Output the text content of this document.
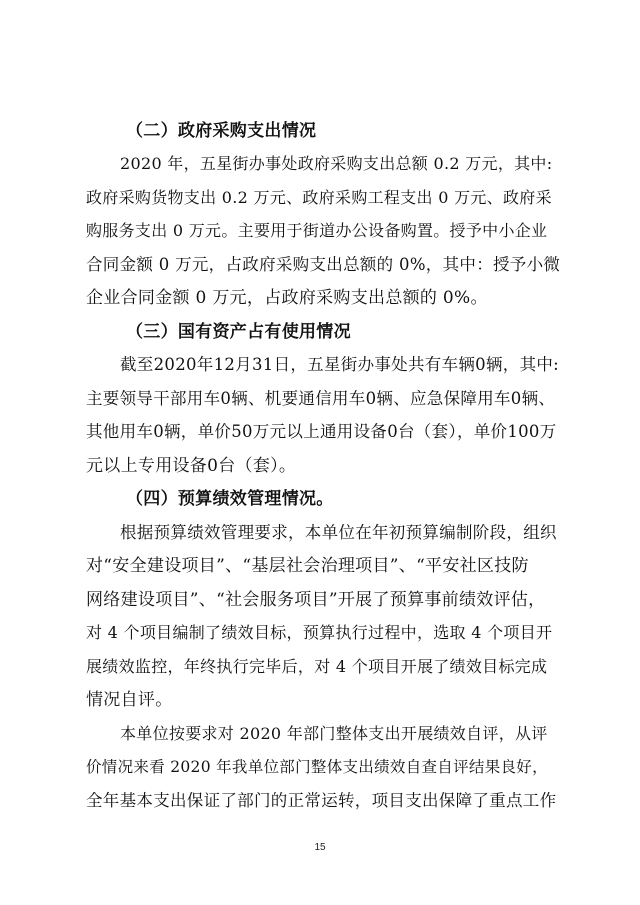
（二）政府采购支出情况
2020 年，五星街办事处政府采购支出总额 0.2 万元，其中:
政府采购货物支出 0.2 万元、政府采购工程支出 0 万元、政府采
购服务支出 0 万元。主要用于街道办公设备购置。授予中小企业
合同金额 0 万元，占政府采购支出总额的 0%，其中：授予小微
企业合同金额 0 万元，占政府采购支出总额的 0%。
（三）国有资产占有使用情况
截至2020年12月31日，五星街办事处共有车辆0辆，其中:
主要领导干部用车0辆、机要通信用车0辆、应急保障用车0辆、
其他用车0辆，单价50万元以上通用设备0台（套），单价100万
元以上专用设备0台（套）。
（四）预算绩效管理情况。
根据预算绩效管理要求，本单位在年初预算编制阶段，组织
对“安全建设项目”、“基层社会治理项目”、“平安社区技防
网络建设项目”、“社会服务项目”开展了预算事前绩效评估，
对 4 个项目编制了绩效目标，预算执行过程中，选取 4 个项目开
展绩效监控，年终执行完毕后，对 4 个项目开展了绩效目标完成
情况自评。
本单位按要求对 2020 年部门整体支出开展绩效自评，从评
价情况来看 2020 年我单位部门整体支出绩效自查自评结果良好，
全年基本支出保证了部门的正常运转，项目支出保障了重点工作
15
